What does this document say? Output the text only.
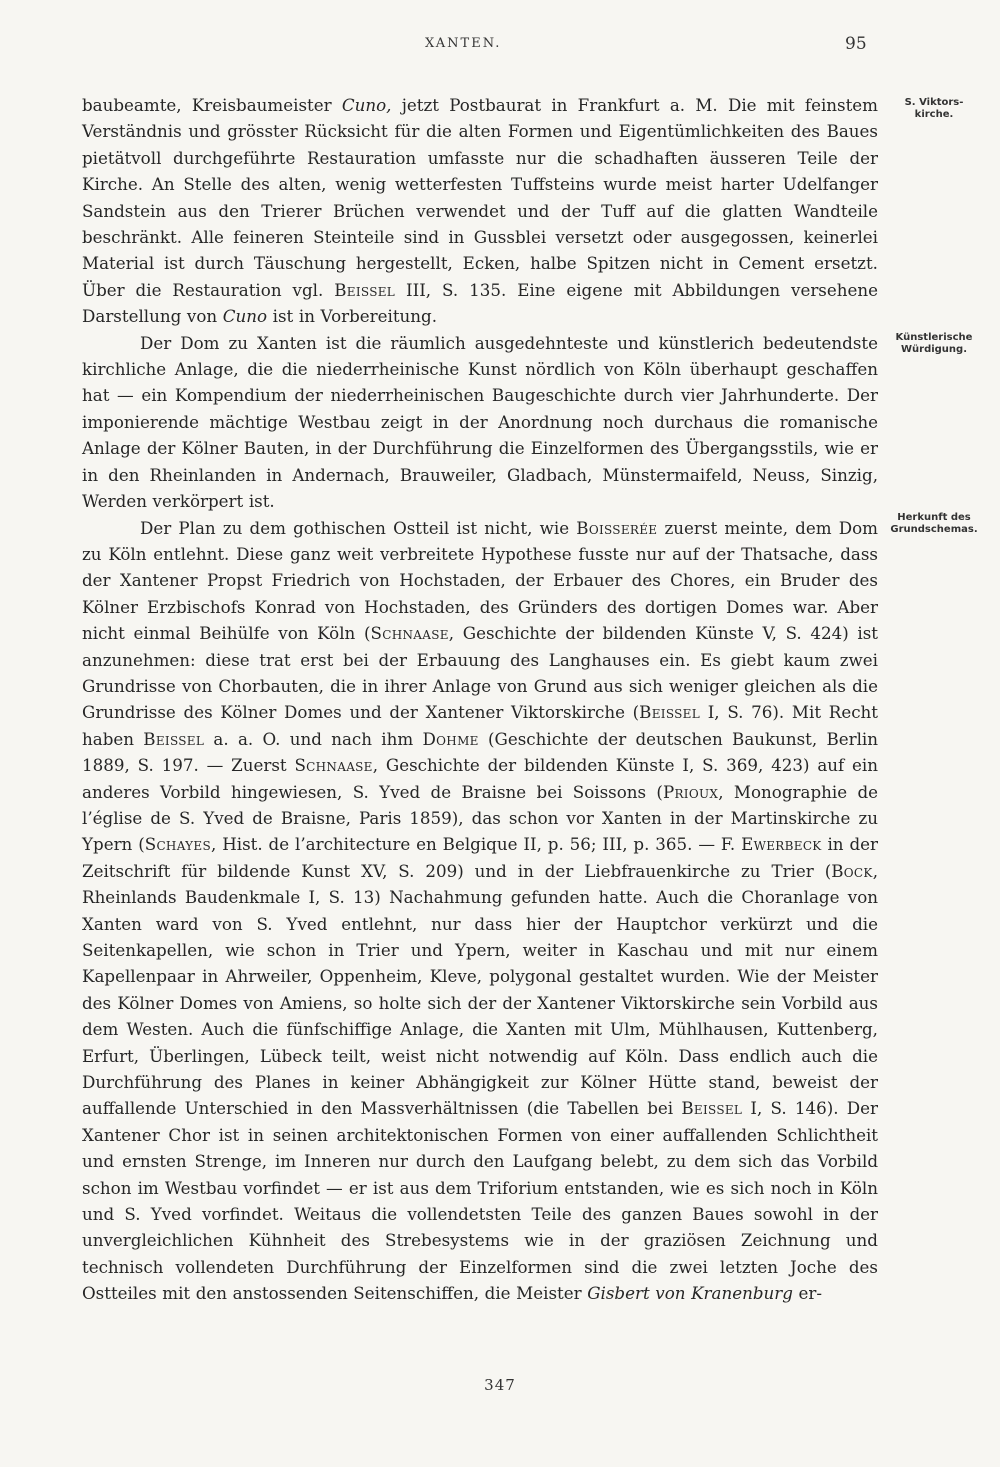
XANTEN.	95
S. Viktors-
kirche.
Künstlerische
Würdigung.
Herkunft des
Grundschemas.

baubeamte, Kreisbaumeister Cuno, jetzt Postbaurat in Frankfurt a. M. Die mit feinstem Verständnis und grösster Rücksicht für die alten Formen und Eigentümlichkeiten des Baues pietätvoll durchgeführte Restauration umfasste nur die schadhaften äusseren Teile der Kirche. An Stelle des alten, wenig wetterfesten Tuffsteins wurde meist harter Udelfanger Sandstein aus den Trierer Brüchen verwendet und der Tuff auf die glatten Wandteile beschränkt. Alle feineren Steinteile sind in Gussblei versetzt oder ausgegossen, keinerlei Material ist durch Täuschung hergestellt, Ecken, halbe Spitzen nicht in Cement ersetzt. Über die Restauration vgl. Beissel III, S. 135. Eine eigene mit Abbildungen versehene Darstellung von Cuno ist in Vorbereitung.

Der Dom zu Xanten ist die räumlich ausgedehnteste und künstlerich bedeutendste kirchliche Anlage, die die niederrheinische Kunst nördlich von Köln überhaupt geschaffen hat — ein Kompendium der niederrheinischen Baugeschichte durch vier Jahrhunderte. Der imponierende mächtige Westbau zeigt in der Anordnung noch durchaus die romanische Anlage der Kölner Bauten, in der Durchführung die Einzelformen des Übergangsstils, wie er in den Rheinlanden in Andernach, Brauweiler, Gladbach, Münstermaifeld, Neuss, Sinzig, Werden verkörpert ist.

Der Plan zu dem gothischen Ostteil ist nicht, wie Boisserée zuerst meinte, dem Dom zu Köln entlehnt. Diese ganz weit verbreitete Hypothese fusste nur auf der Thatsache, dass der Xantener Propst Friedrich von Hochstaden, der Erbauer des Chores, ein Bruder des Kölner Erzbischofs Konrad von Hochstaden, des Gründers des dortigen Domes war. Aber nicht einmal Beihülfe von Köln (Schnaase, Geschichte der bildenden Künste V, S. 424) ist anzunehmen: diese trat erst bei der Erbauung des Langhauses ein. Es giebt kaum zwei Grundrisse von Chorbauten, die in ihrer Anlage von Grund aus sich weniger gleichen als die Grundrisse des Kölner Domes und der Xantener Viktorskirche (Beissel I, S. 76). Mit Recht haben Beissel a. a. O. und nach ihm Dohme (Geschichte der deutschen Baukunst, Berlin 1889, S. 197. — Zuerst Schnaase, Geschichte der bildenden Künste I, S. 369, 423) auf ein anderes Vorbild hingewiesen, S. Yved de Braisne bei Soissons (Prioux, Monographie de l’église de S. Yved de Braisne, Paris 1859), das schon vor Xanten in der Martinskirche zu Ypern (Schayes, Hist. de l’architecture en Belgique II, p. 56; III, p. 365. — F. Ewerbeck in der Zeitschrift für bildende Kunst XV, S. 209) und in der Liebfrauenkirche zu Trier (Bock, Rheinlands Baudenkmale I, S. 13) Nachahmung gefunden hatte. Auch die Choranlage von Xanten ward von S. Yved entlehnt, nur dass hier der Hauptchor verkürzt und die Seitenkapellen, wie schon in Trier und Ypern, weiter in Kaschau und mit nur einem Kapellenpaar in Ahrweiler, Oppenheim, Kleve, polygonal gestaltet wurden. Wie der Meister des Kölner Domes von Amiens, so holte sich der der Xantener Viktorskirche sein Vorbild aus dem Westen. Auch die fünfschiffige Anlage, die Xanten mit Ulm, Mühlhausen, Kuttenberg, Erfurt, Überlingen, Lübeck teilt, weist nicht notwendig auf Köln. Dass endlich auch die Durchführung des Planes in keiner Abhängigkeit zur Kölner Hütte stand, beweist der auffallende Unterschied in den Massverhältnissen (die Tabellen bei Beissel I, S. 146). Der Xantener Chor ist in seinen architektonischen Formen von einer auffallenden Schlichtheit und ernsten Strenge, im Inneren nur durch den Laufgang belebt, zu dem sich das Vorbild schon im Westbau vorfindet — er ist aus dem Triforium entstanden, wie es sich noch in Köln und S. Yved vorfindet. Weitaus die vollendetsten Teile des ganzen Baues sowohl in der unvergleichlichen Kühnheit des Strebesystems wie in der graziösen Zeichnung und technisch vollendeten Durchführung der Einzelformen sind die zwei letzten Joche des Ostteiles mit den anstossenden Seitenschiffen, die Meister Gisbert von Kranenburg er-

347
